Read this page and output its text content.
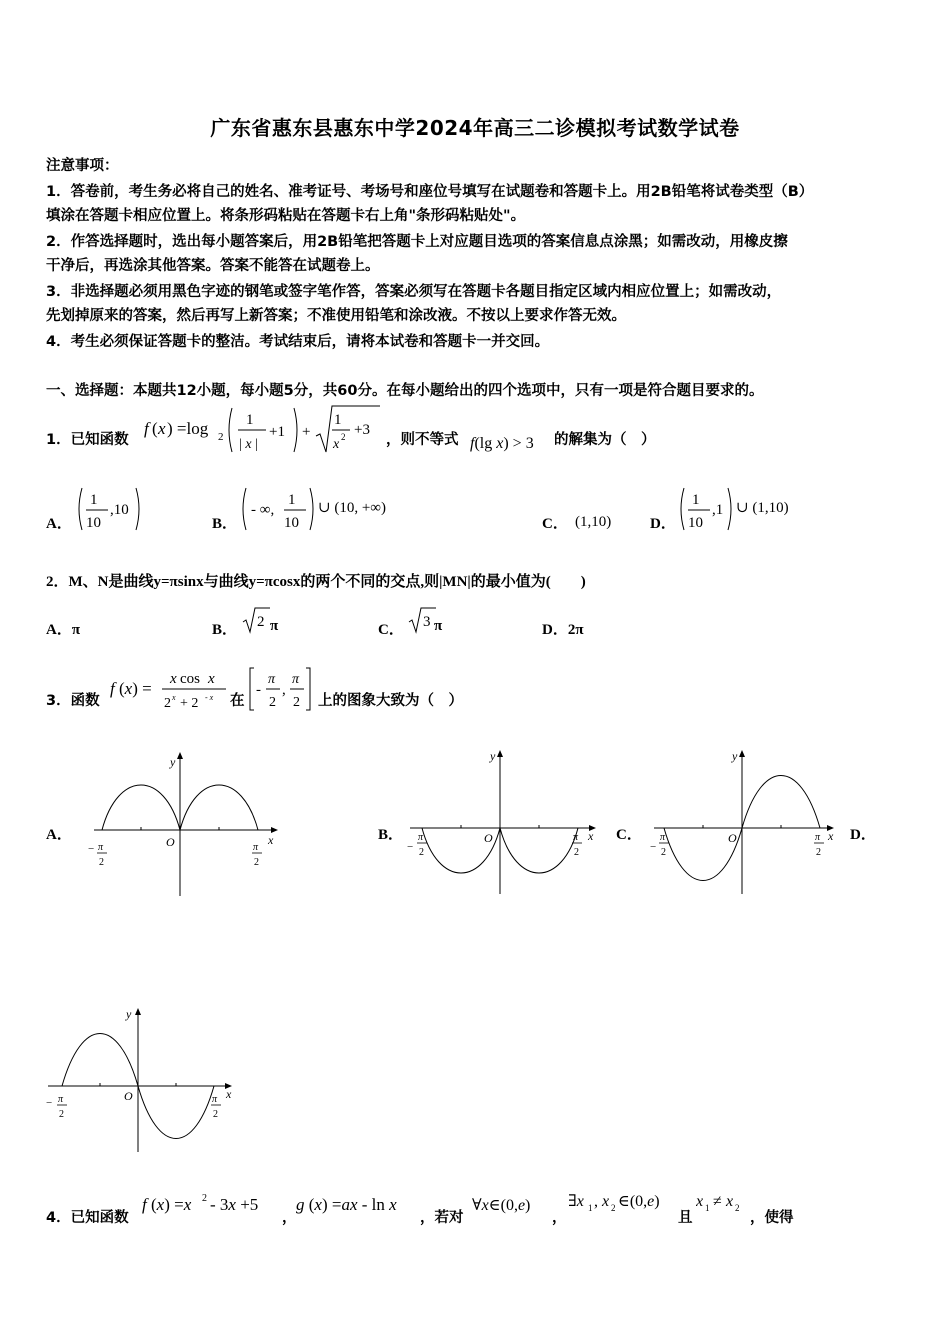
广东省惠东县惠东中学2024年高三二诊模拟考试数学试卷
注意事项：
1．答卷前，考生务必将自己的姓名、准考证号、考场号和座位号填写在试题卷和答题卡上。用2B铅笔将试卷类型（B）
填涂在答题卡相应位置上。将条形码粘贴在答题卡右上角"条形码粘贴处"。
2．作答选择题时，选出每小题答案后，用2B铅笔把答题卡上对应题目选项的答案信息点涂黑；如需改动，用橡皮擦
干净后，再选涂其他答案。答案不能答在试题卷上。
3．非选择题必须用黑色字迹的钢笔或签字笔作答，答案必须写在答题卡各题目指定区域内相应位置上；如需改动，
先划掉原来的答案，然后再写上新答案；不准使用铅笔和涂改液。不按以上要求作答无效。
4．考生必须保证答题卡的整洁。考试结束后，请将本试卷和答题卡一并交回。
一、选择题：本题共12小题，每小题5分，共60分。在每小题给出的四个选项中，只有一项是符合题目要求的。
1．已知函数
f ( x ) =log 2
1
| x |
+1 +
1
x 2 +3
，则不等式 f(lg x) > 3 的解集为（　）
A．
1
10
,10
B．
- ∞,
1
10
∪ (10, +∞)
C． (1,10)	D．
1
10
,1 ∪ (1,10)
2．M、N是曲线y=πsinx与曲线y=πcosx的两个不同的交点,则|MN|的最小值为(　　)
A．π	B． 2 π	C． 3 π	D．2π
3．函数
f (x) = x cos x
2 x + 2 - x 在
-
π
2
,
π
2 上的图象大致为（　）
A．
y
x
O
− π
2
π
2
B．
y
x
O
−
π
2
π
2
C．
y
x
O
−
π
2
π
2
D．
y
x
O
− π
2
π
2
4．已知函数
f (x) =x 2 - 3x +5
，
g (x) =ax - ln x
，若对
∀x∈(0,e)
，
∃x 1 , x 2 ∈(0,e)
且
x 1 ≠ x 2
，使得
